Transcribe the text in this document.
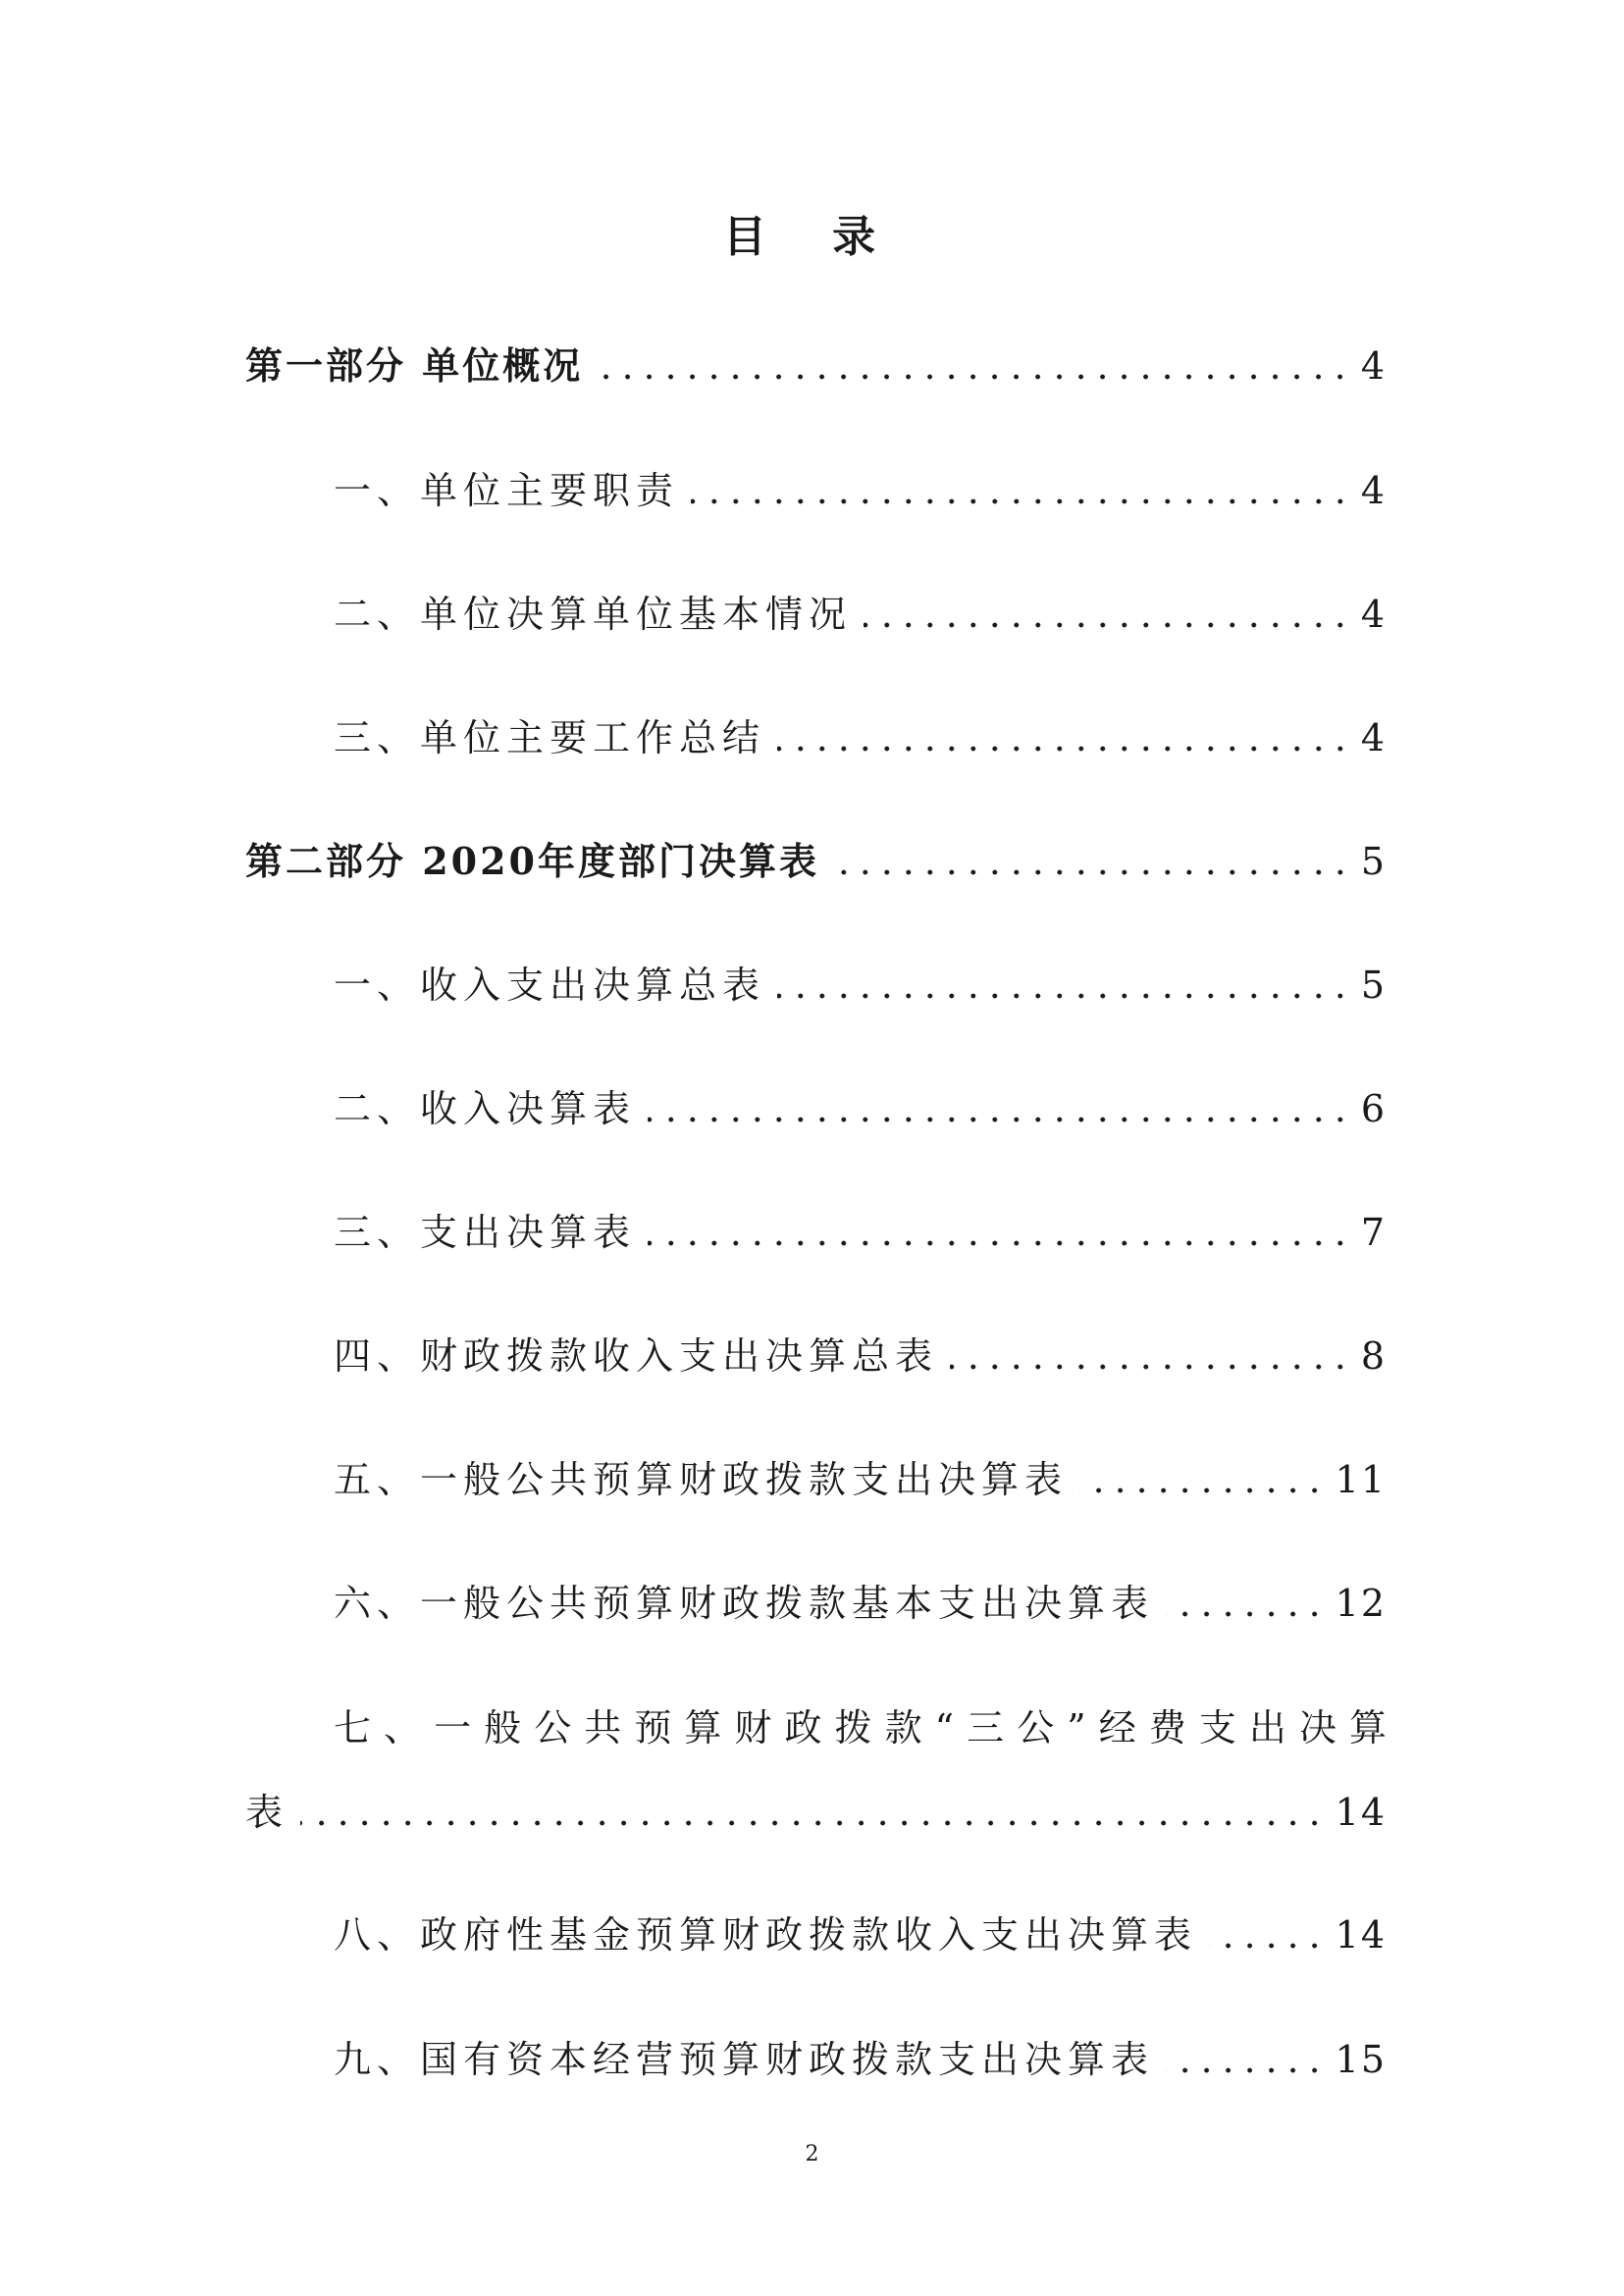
目 录
第一部分 单位概况	4
一、单位主要职责	4
二、单位决算单位基本情况	4
三、单位主要工作总结	4
第二部分 2020年度部门决算表	5
一、收入支出决算总表	5
二、收入决算表	6
三、支出决算表	7
四、财政拨款收入支出决算总表	8
五、一般公共预算财政拨款支出决算表	11
六、一般公共预算财政拨款基本支出决算表	12
七、一般公共预算财政拨款“三公”经费支出决算
表	14
八、政府性基金预算财政拨款收入支出决算表	14
九、国有资本经营预算财政拨款支出决算表	15
2
